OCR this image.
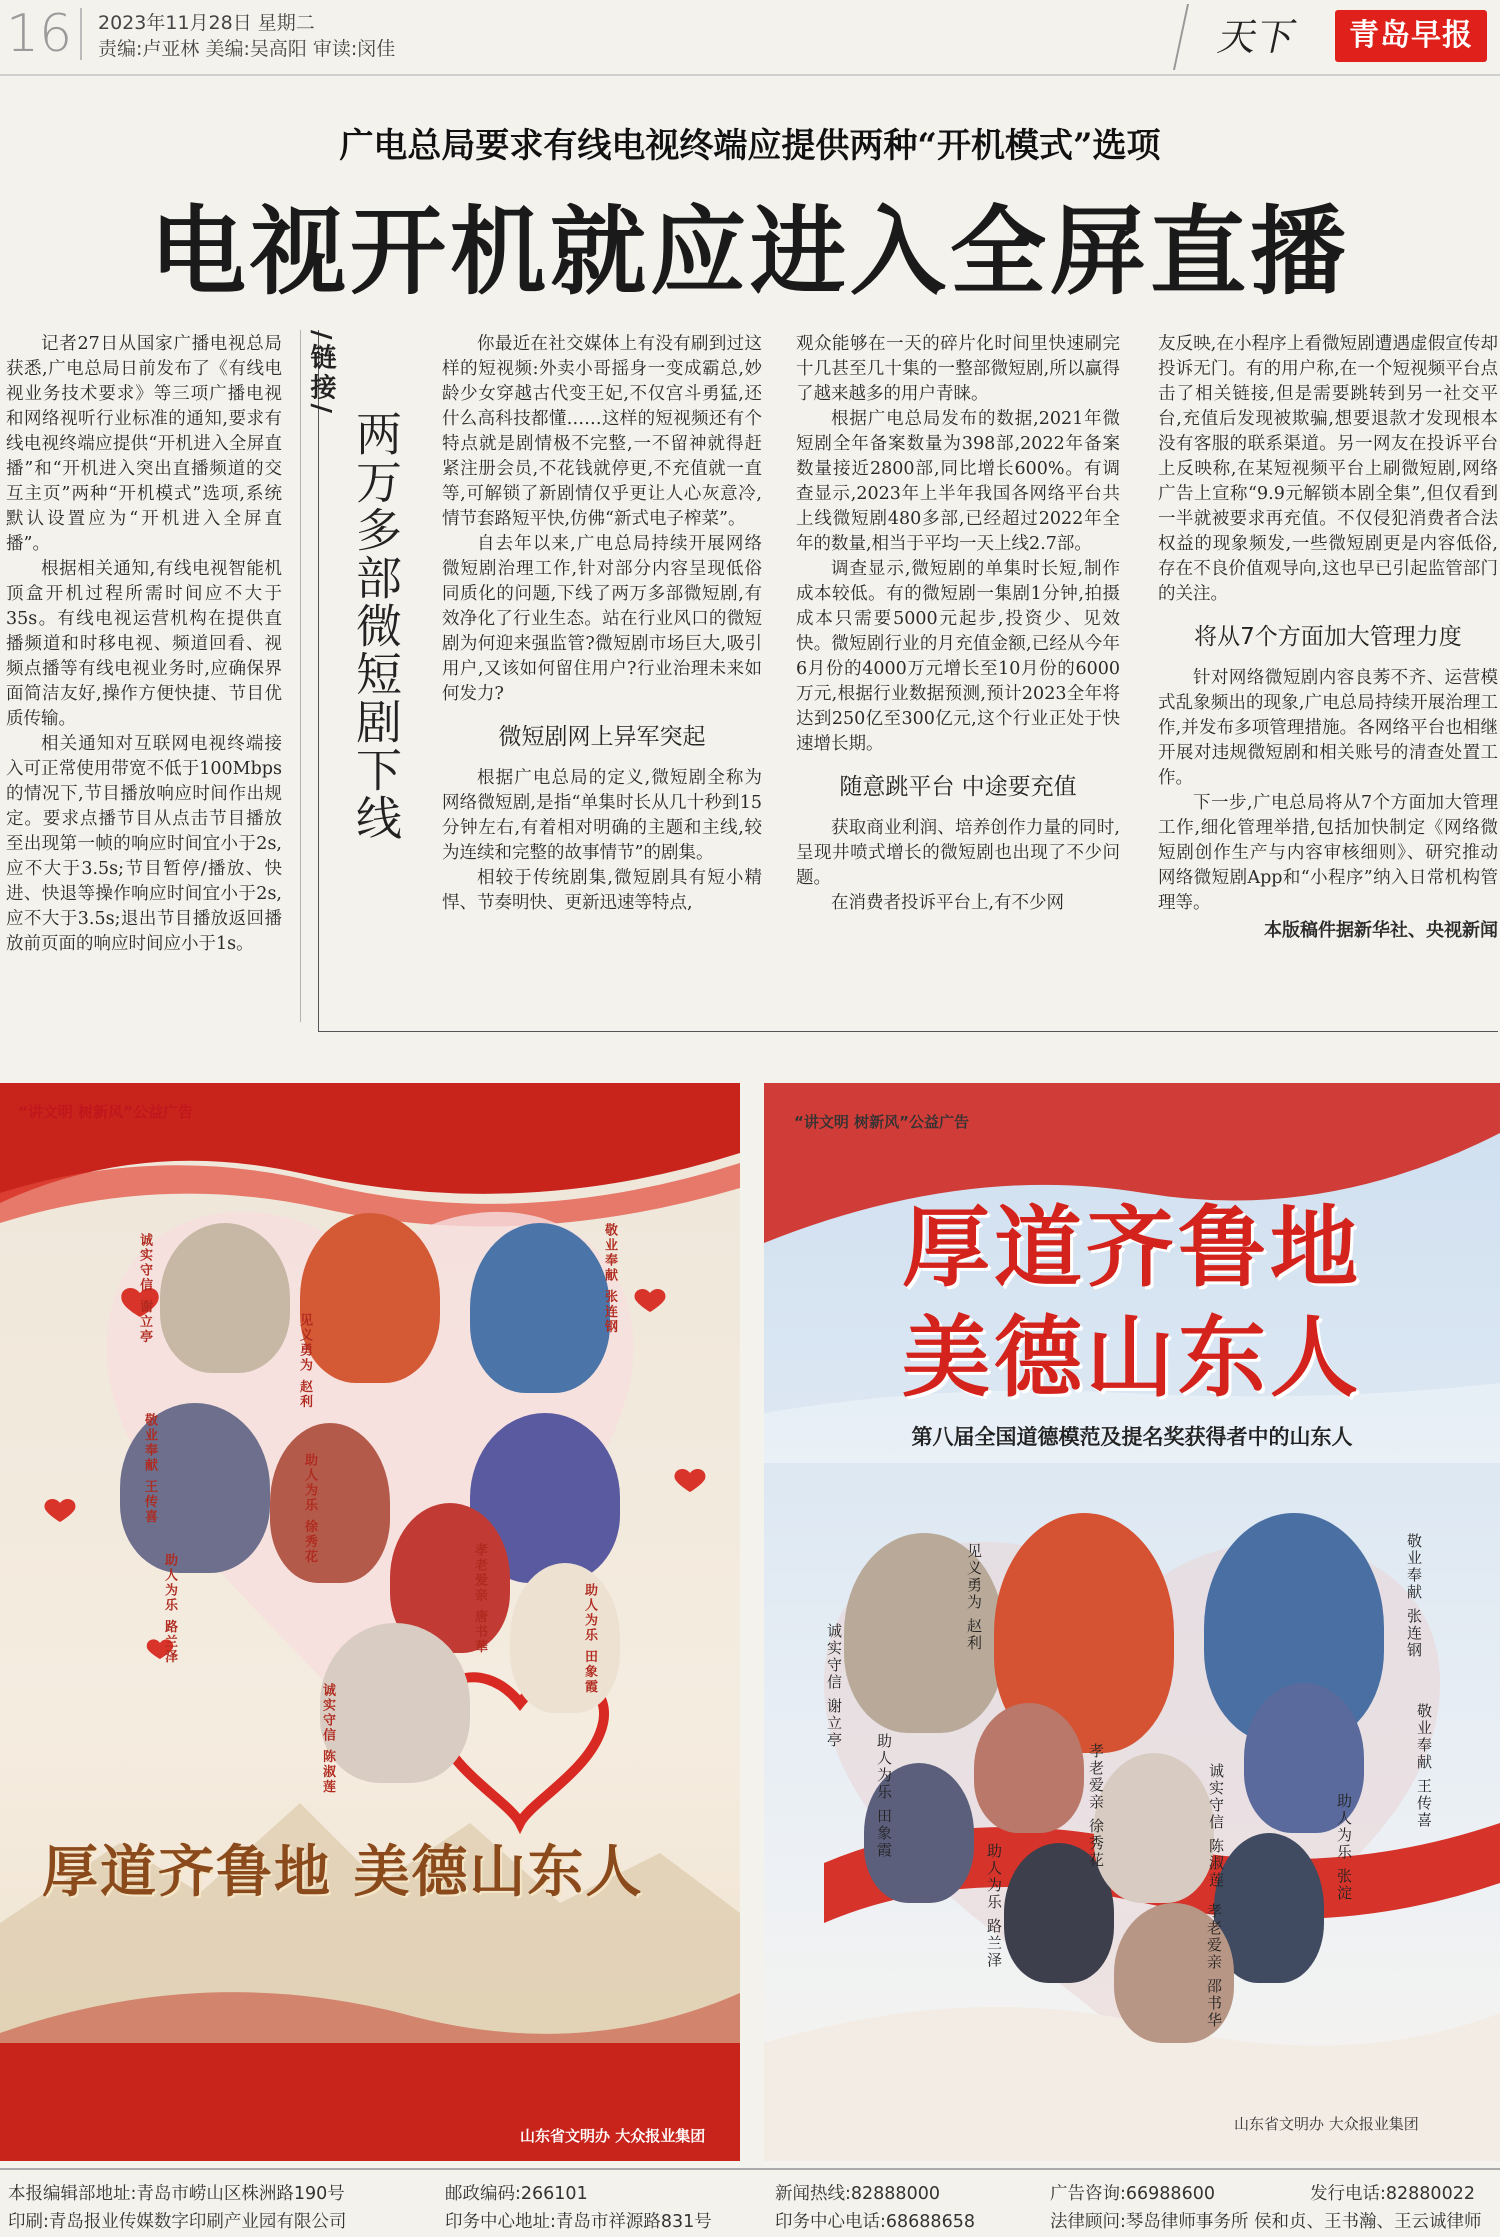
16 2023年11月28日 星期二
责编:卢亚林 美编:吴高阳 审读:闵佳	天下	青岛早报
广电总局要求有线电视终端应提供两种“开机模式”选项
电视开机就应进入全屏直播

记者27日从国家广播电视总局获悉,广电总局日前发布了《有线电视业务技术要求》等三项广播电视和网络视听行业标准的通知,要求有线电视终端应提供“开机进入全屏直播”和“开机进入突出直播频道的交互主页”两种“开机模式”选项,系统默认设置应为“开机进入全屏直播”。

根据相关通知,有线电视智能机顶盒开机过程所需时间应不大于35s。有线电视运营机构在提供直播频道和时移电视、频道回看、视频点播等有线电视业务时,应确保界面简洁友好,操作方便快捷、节目优质传输。

相关通知对互联网电视终端接入可正常使用带宽不低于100Mbps的情况下,节目播放响应时间作出规定。要求点播节目从点击节目播放至出现第一帧的响应时间宜小于2s,应不大于3.5s;节目暂停/播放、快进、快退等操作响应时间宜小于2s,应不大于3.5s;退出节目播放返回播放前页面的响应时间应小于1s。

/链接/
两万多部微短剧下线

你最近在社交媒体上有没有刷到过这样的短视频:外卖小哥摇身一变成霸总,妙龄少女穿越古代变王妃,不仅宫斗勇猛,还什么高科技都懂……这样的短视频还有个特点就是剧情极不完整,一不留神就得赶紧注册会员,不花钱就停更,不充值就一直等,可解锁了新剧情仅乎更让人心灰意冷,情节套路短平快,仿佛“新式电子榨菜”。

自去年以来,广电总局持续开展网络微短剧治理工作,针对部分内容呈现低俗同质化的问题,下线了两万多部微短剧,有效净化了行业生态。站在行业风口的微短剧为何迎来强监管?微短剧市场巨大,吸引用户,又该如何留住用户?行业治理未来如何发力?

微短剧网上异军突起

根据广电总局的定义,微短剧全称为网络微短剧,是指“单集时长从几十秒到15分钟左右,有着相对明确的主题和主线,较为连续和完整的故事情节”的剧集。

相较于传统剧集,微短剧具有短小精悍、节奏明快、更新迅速等特点,

观众能够在一天的碎片化时间里快速刷完十几甚至几十集的一整部微短剧,所以赢得了越来越多的用户青睐。

根据广电总局发布的数据,2021年微短剧全年备案数量为398部,2022年备案数量接近2800部,同比增长600%。有调查显示,2023年上半年我国各网络平台共上线微短剧480多部,已经超过2022年全年的数量,相当于平均一天上线2.7部。

调查显示,微短剧的单集时长短,制作成本较低。有的微短剧一集剧1分钟,拍摄成本只需要5000元起步,投资少、见效快。微短剧行业的月充值金额,已经从今年6月份的4000万元增长至10月份的6000万元,根据行业数据预测,预计2023全年将达到250亿至300亿元,这个行业正处于快速增长期。

随意跳平台 中途要充值

获取商业利润、培养创作力量的同时,呈现井喷式增长的微短剧也出现了不少问题。

在消费者投诉平台上,有不少网

友反映,在小程序上看微短剧遭遇虚假宣传却投诉无门。有的用户称,在一个短视频平台点击了相关链接,但是需要跳转到另一社交平台,充值后发现被欺骗,想要退款才发现根本没有客服的联系渠道。另一网友在投诉平台上反映称,在某短视频平台上刷微短剧,网络广告上宣称“9.9元解锁本剧全集”,但仅看到一半就被要求再充值。不仅侵犯消费者合法权益的现象频发,一些微短剧更是内容低俗,存在不良价值观导向,这也早已引起监管部门的关注。

将从7个方面加大管理力度

针对网络微短剧内容良莠不齐、运营模式乱象频出的现象,广电总局持续开展治理工作,并发布多项管理措施。各网络平台也相继开展对违规微短剧和相关账号的清查处置工作。

下一步,广电总局将从7个方面加大管理工作,细化管理举措,包括加快制定《网络微短剧创作生产与内容审核细则》、研究推动网络微短剧App和“小程序”纳入日常机构管理等。

本版稿件据新华社、央视新闻
诚实守信 谢立亭
见义勇为 赵利
敬业奉献 张连钢
敬业奉献 王传喜	助人为乐 徐秀花
孝老爱亲 唐书華	助人为乐 田象霞
诚实守信 陈淑莲
助人为乐 路兰泽
“讲文明 树新风”公益广告
厚道齐鲁地 美德山东人
山东省文明办 大众报业集团
诚实守信 谢立亭
见义勇为 赵利	敬业奉献 张连钢
敬业奉献 王传喜
孝老爱亲 徐秀花
助人为乐 田象霞	诚实守信 陈淑莲
助人为乐 路兰泽	孝老爱亲 邵书华
助人为乐 张淀
“讲文明 树新风”公益广告
厚道齐鲁地
美德山东人
第八届全国道德模范及提名奖获得者中的山东人
山东省文明办 大众报业集团
本报编辑部地址:青岛市崂山区株洲路190号
印刷:青岛报业传媒数字印刷产业园有限公司
邮政编码:266101
印务中心地址:青岛市祥源路831号
新闻热线:82888000
印务中心电话:68688658
广告咨询:66988600
法律顾问:琴岛律师事务所 侯和贞、王书瀚、王云诚律师
发行电话:82880022
